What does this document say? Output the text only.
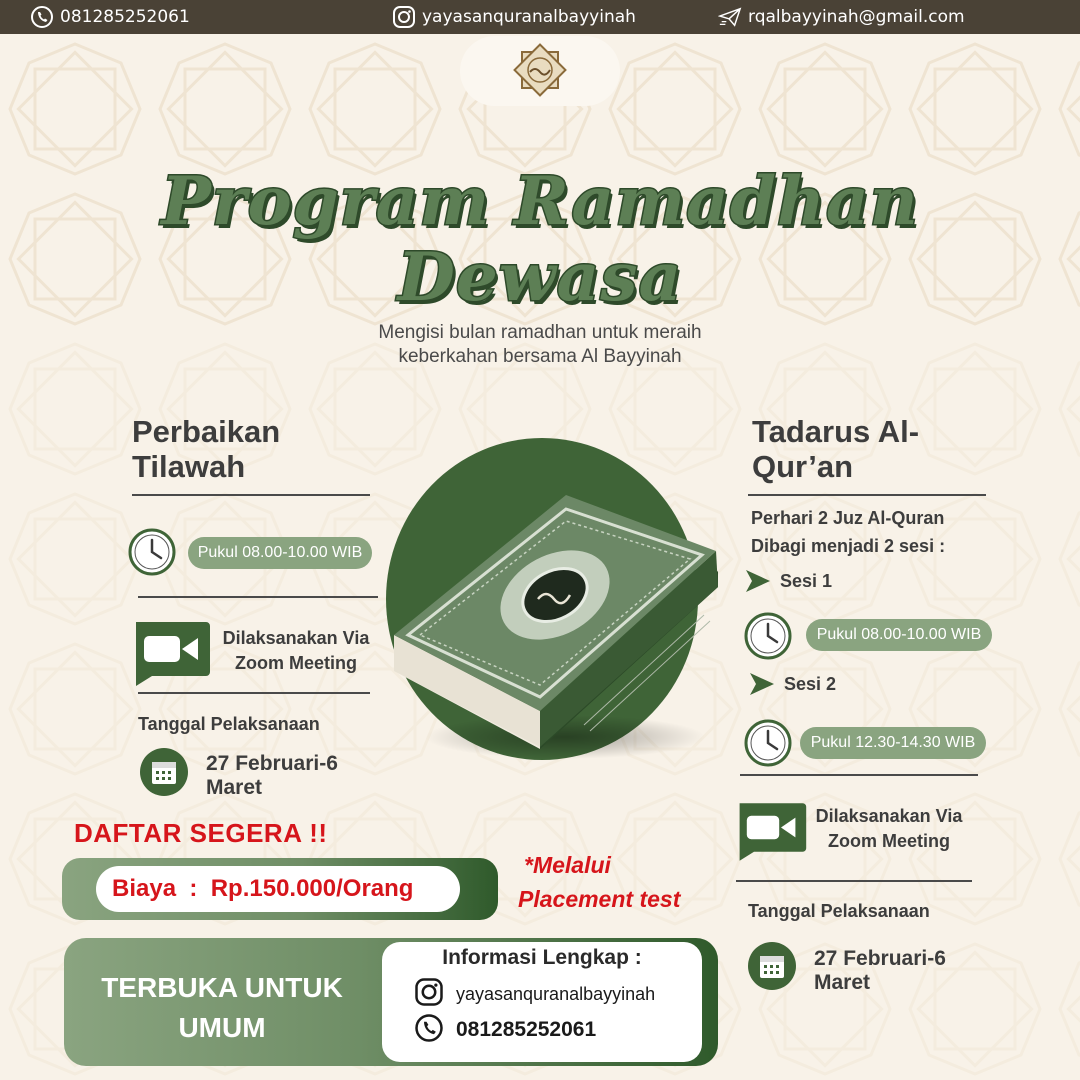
081285252061	yayasanquranalbayyinah	rqalbayyinah@gmail.com
Program Ramadhan
Dewasa
Mengisi bulan ramadhan untuk meraih
keberkahan bersama Al Bayyinah
Perbaikan
Tilawah
Pukul 08.00-10.00 WIB
Dilaksanakan Via
Zoom Meeting
Tanggal Pelaksanaan
27 Februari-6
Maret
Tadarus Al-
Qur’an
Perhari 2 Juz Al-Quran
Dibagi menjadi 2 sesi :
Sesi 1
Pukul 08.00-10.00 WIB
Sesi 2
Pukul 12.30-14.30 WIB
Dilaksanakan Via
Zoom Meeting
Tanggal Pelaksanaan
27 Februari-6
Maret
DAFTAR SEGERA !!
Biaya  :  Rp.150.000/Orang
*Melalui
Placement test
TERBUKA UNTUK
UMUM
Informasi Lengkap :
yayasanquranalbayyinah
081285252061
